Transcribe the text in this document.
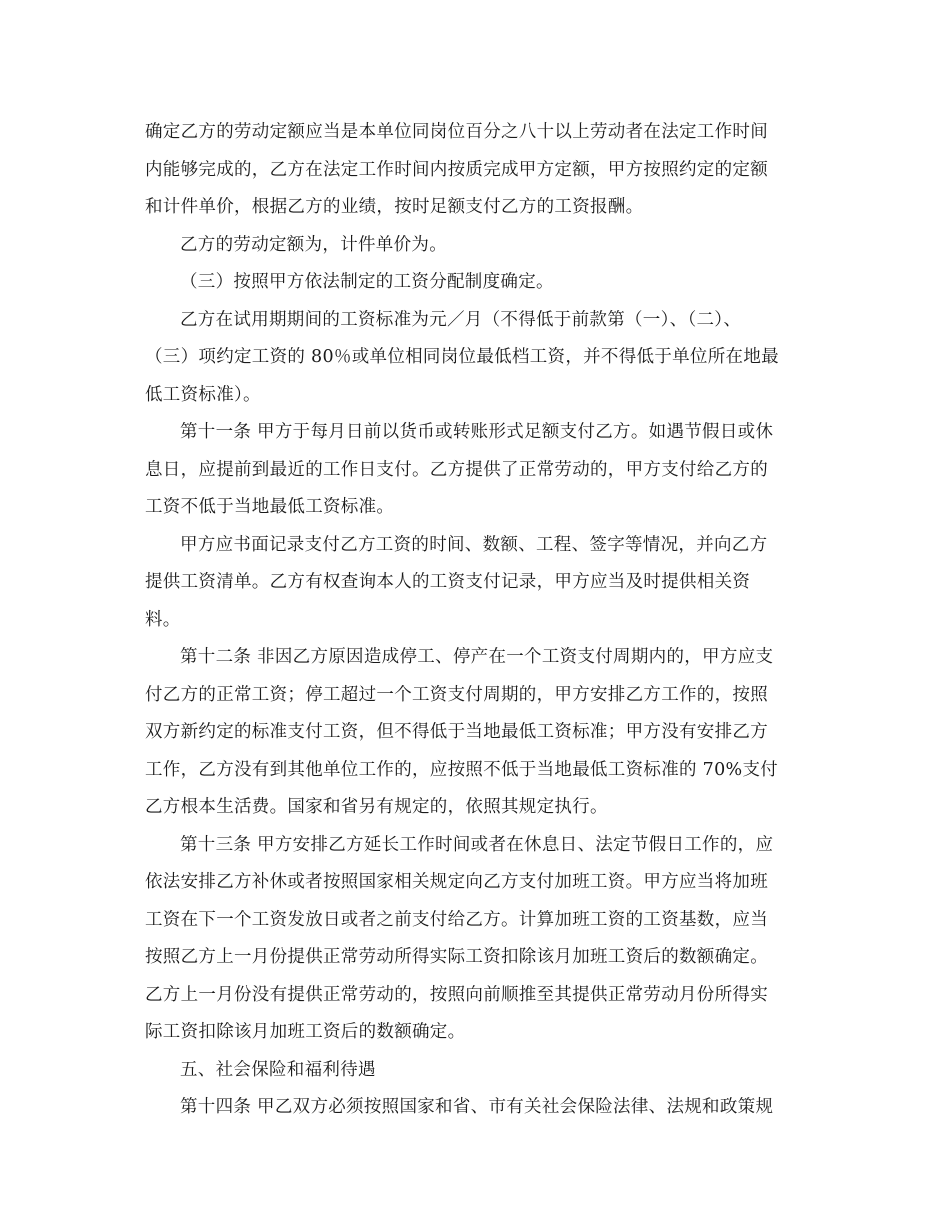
确定乙方的劳动定额应当是本单位同岗位百分之八十以上劳动者在法定工作时间
内能够完成的，乙方在法定工作时间内按质完成甲方定额，甲方按照约定的定额
和计件单价，根据乙方的业绩，按时足额支付乙方的工资报酬。
乙方的劳动定额为，计件单价为。
（三）按照甲方依法制定的工资分配制度确定。
乙方在试用期期间的工资标准为元／月（不得低于前款第（一）、（二）、
（三）项约定工资的 80％或单位相同岗位最低档工资，并不得低于单位所在地最
低工资标准）。
第十一条 甲方于每月日前以货币或转账形式足额支付乙方。如遇节假日或休
息日，应提前到最近的工作日支付。乙方提供了正常劳动的，甲方支付给乙方的
工资不低于当地最低工资标准。
甲方应书面记录支付乙方工资的时间、数额、工程、签字等情况，并向乙方
提供工资清单。乙方有权查询本人的工资支付记录，甲方应当及时提供相关资
料。
第十二条 非因乙方原因造成停工、停产在一个工资支付周期内的，甲方应支
付乙方的正常工资；停工超过一个工资支付周期的，甲方安排乙方工作的，按照
双方新约定的标准支付工资，但不得低于当地最低工资标准；甲方没有安排乙方
工作，乙方没有到其他单位工作的，应按照不低于当地最低工资标准的 70%支付
乙方根本生活费。国家和省另有规定的，依照其规定执行。
第十三条 甲方安排乙方延长工作时间或者在休息日、法定节假日工作的，应
依法安排乙方补休或者按照国家相关规定向乙方支付加班工资。甲方应当将加班
工资在下一个工资发放日或者之前支付给乙方。计算加班工资的工资基数，应当
按照乙方上一月份提供正常劳动所得实际工资扣除该月加班工资后的数额确定。
乙方上一月份没有提供正常劳动的，按照向前顺推至其提供正常劳动月份所得实
际工资扣除该月加班工资后的数额确定。
五、社会保险和福利待遇
第十四条 甲乙双方必须按照国家和省、市有关社会保险法律、法规和政策规
